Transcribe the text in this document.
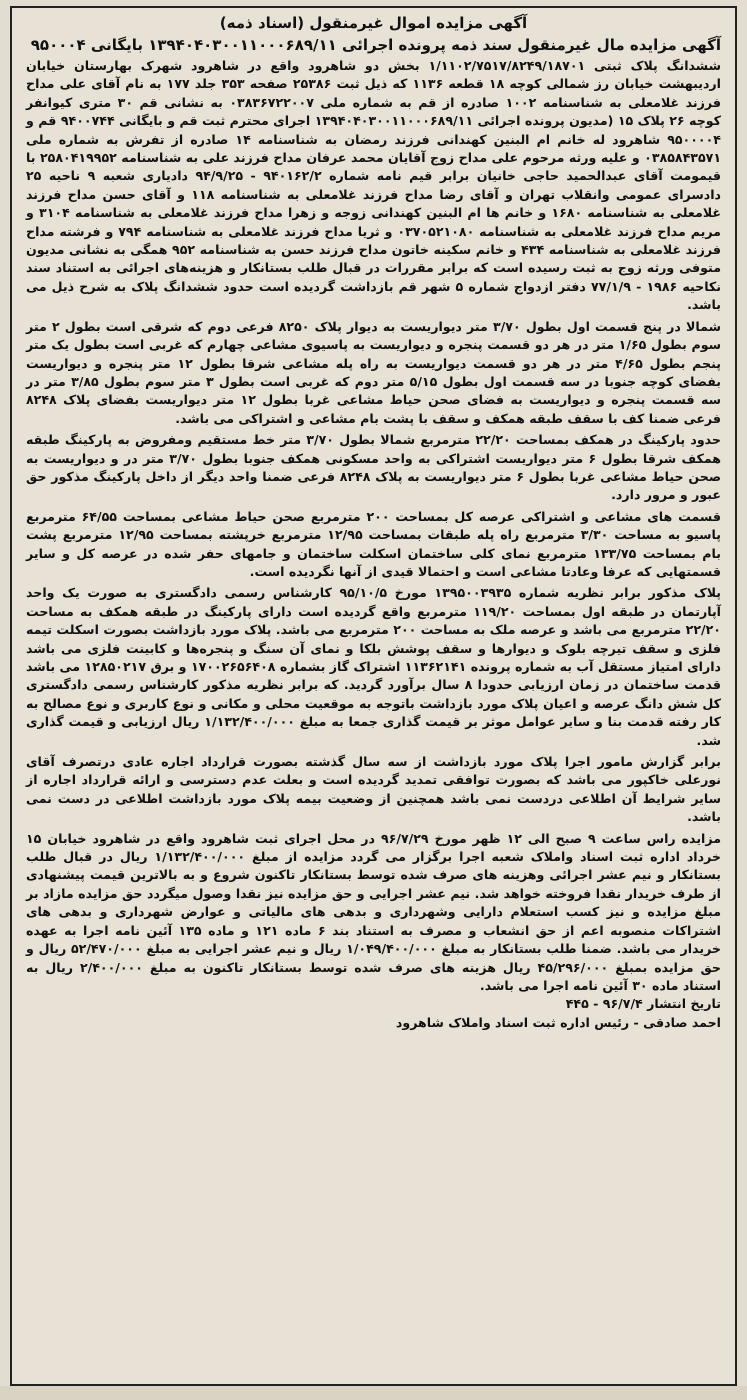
آگهی مزایده اموال غیرمنقول (اسناد ذمه)
آگهی مزایده مال غیرمنقول سند ذمه پرونده اجرائی ۱۳۹۴۰۴۰۳۰۰۱۱۰۰۰۶۸۹/۱۱ بایگانی ۹۵۰۰۰۴

ششدانگ پلاک ثبتی ۱/۱۱۰۲/۷۵۱۷/۸۲۴۹/۱۸۷۰۱ بخش دو شاهرود واقع در شاهرود شهرک بهارستان خیابان اردیبهشت خیابان رز شمالی کوچه ۱۸ قطعه ۱۱۳۶ که ذیل ثبت ۲۵۳۸۶ صفحه ۳۵۳ جلد ۱۷۷ به نام آقای علی مداح فرزند غلامعلی به شناسنامه ۱۰۰۲ صادره از قم به شماره ملی ۰۳۸۳۶۷۲۲۰۰۷ به نشانی قم ۳۰ متری کیوانفر کوچه ۲۶ پلاک ۱۵ (مدیون پرونده اجرائی ۱۳۹۴۰۴۰۳۰۰۱۱۰۰۰۶۸۹/۱۱ اجرای محترم ثبت قم و بایگانی ۹۴۰۰۷۴۴ قم و ۹۵۰۰۰۰۴ شاهرود له خانم ام البنین کهندانی فرزند رمضان به شناسنامه ۱۴ صادره از تفرش به شماره ملی ۰۳۸۵۸۴۳۵۷۱ و علیه ورثه مرحوم علی مداح زوج آقایان محمد عرفان مداح فرزند علی به شناسنامه ۲۵۸۰۴۱۹۹۵۲ با قیمومت آقای عبدالحمید حاجی خانیان برابر قیم نامه شماره ۹۴۰۱۶۲/۲ - ۹۴/۹/۲۵ دادیاری شعبه ۹ ناحیه ۲۵ دادسرای عمومی وانقلاب تهران و آقای رضا مداح فرزند غلامعلی به شناسنامه ۱۱۸ و آقای حسن مداح فرزند غلامعلی به شناسنامه ۱۶۸۰ و خانم ها ام البنین کهندانی زوجه و زهرا مداح فرزند غلامعلی به شناسنامه ۳۱۰۴ و مریم مداح فرزند غلامعلی به شناسنامه ۰۳۷۰۵۲۱۰۸۰ و ثریا مداح فرزند غلامعلی به شناسنامه ۷۹۴ و فرشته مداح فرزند غلامعلی به شناسنامه ۴۳۴ و خانم سکینه خاتون مداح فرزند حسن به شناسنامه ۹۵۲ همگی به نشانی مدیون متوفی ورثه زوج به ثبت رسیده است که برابر مقررات در قبال طلب بستانکار و هزینه‌های اجرائی به استناد سند نکاحیه ۱۹۸۶ - ۷۷/۱/۹ دفتر ازدواج شماره ۵ شهر قم بازداشت گردیده است حدود ششدانگ پلاک به شرح ذیل می باشد.

شمالا در پنج قسمت اول بطول ۳/۷۰ متر دیواریست به دیوار پلاک ۸۲۵۰ فرعی دوم که شرقی است بطول ۲ متر سوم بطول ۱/۶۵ متر در هر دو قسمت پنجره و دیواریست به پاسیوی مشاعی چهارم که غربی است بطول یک متر پنجم بطول ۴/۶۵ متر در هر دو قسمت دیواریست به راه پله مشاعی شرقا بطول ۱۲ متر پنجره و دیواریست بفضای کوچه جنوبا در سه قسمت اول بطول ۵/۱۵ متر دوم که غربی است بطول ۳ متر سوم بطول ۳/۸۵ متر در سه قسمت پنجره و دیواریست به فضای صحن حیاط مشاعی غربا بطول ۱۲ متر دیواریست بفضای پلاک ۸۲۴۸ فرعی ضمنا کف با سقف طبقه همکف و سقف با پشت بام مشاعی و اشتراکی می باشد.

حدود پارکینگ در همکف بمساحت ۲۲/۲۰ مترمربع شمالا بطول ۳/۷۰ متر خط مستقیم ومفروض به پارکینگ طبقه همکف شرقا بطول ۶ متر دیواریست اشتراکی به واحد مسکونی همکف جنوبا بطول ۳/۷۰ متر در و دیواریست به صحن حیاط مشاعی غربا بطول ۶ متر دیواریست به پلاک ۸۲۴۸ فرعی ضمنا واحد دیگر از داخل پارکینگ مذکور حق عبور و مرور دارد.

قسمت های مشاعی و اشتراکی عرصه کل بمساحت ۲۰۰ مترمربع صحن حیاط مشاعی بمساحت ۶۴/۵۵ مترمربع پاسیو به مساحت ۳/۳۰ مترمربع راه پله طبقات بمساحت ۱۲/۹۵ مترمربع خرپشته بمساحت ۱۲/۹۵ مترمربع پشت بام بمساحت ۱۳۳/۷۵ مترمربع نمای کلی ساختمان اسکلت ساختمان و جامهای حفر شده در عرصه کل و سایر قسمتهایی که عرفا وعادتا مشاعی است و احتمالا قیدی از آنها نگردیده است.

پلاک مذکور برابر نظریه شماره ۱۳۹۵۰۰۳۹۳۵ مورخ ۹۵/۱۰/۵ کارشناس رسمی دادگستری به صورت یک واحد آپارتمان در طبقه اول بمساحت ۱۱۹/۲۰ مترمربع واقع گردیده است دارای پارکینگ در طبقه همکف به مساحت ۲۲/۲۰ مترمربع می باشد و عرصه ملک به مساحت ۲۰۰ مترمربع می باشد. پلاک مورد بازداشت بصورت اسکلت تیمه فلزی و سقف تیرچه بلوک و دیوارها و سقف پوشش بلکا و نمای آن سنگ و پنجره‌ها و کابینت فلزی می باشد دارای امتیاز مستقل آب به شماره پرونده ۱۱۳۶۲۱۴۱ اشتراک گاز بشماره ۱۷۰۰۲۶۵۶۴۰۸ و برق ۱۲۸۵۰۲۱۷ می باشد قدمت ساختمان در زمان ارزیابی حدودا ۸ سال برآورد گردید. که برابر نظریه مذکور کارشناس رسمی دادگستری کل شش دانگ عرصه و اعیان پلاک مورد بازداشت باتوجه به موقعیت محلی و مکانی و نوع کاربری و نوع مصالح به کار رفته قدمت بنا و سایر عوامل موثر بر قیمت گذاری جمعا به مبلغ ۱/۱۳۲/۴۰۰/۰۰۰ ریال ارزیابی و قیمت گذاری شد.

برابر گزارش مامور اجرا پلاک مورد بازداشت از سه سال گذشته بصورت قرارداد اجاره عادی درتصرف آقای نورعلی خاکپور می باشد که بصورت توافقی تمدید گردیده است و بعلت عدم دسترسی و ارائه قرارداد اجاره از سایر شرایط آن اطلاعی دردست نمی باشد همچنین از وضعیت بیمه پلاک مورد بازداشت اطلاعی در دست نمی باشد.

مزایده راس ساعت ۹ صبح الی ۱۲ ظهر مورخ ۹۶/۷/۲۹ در محل اجرای ثبت شاهرود واقع در شاهرود خیابان ۱۵ خرداد اداره ثبت اسناد واملاک شعبه اجرا برگزار می گردد مزایده از مبلغ ۱/۱۳۲/۴۰۰/۰۰۰ ریال در قبال طلب بستانکار و نیم عشر اجرائی وهزینه های صرف شده توسط بستانکار تاکنون شروع و به بالاترین قیمت پیشنهادی از طرف خریدار نقدا فروخته خواهد شد. نیم عشر اجرایی و حق مزایده نیز نقدا وصول میگردد حق مزایده مازاد بر مبلغ مزایده و نیز کسب استعلام دارایی وشهرداری و بدهی های مالیاتی و عوارض شهرداری و بدهی های اشتراکات منصوبه اعم از حق انشعاب و مصرف به استناد بند ۶ ماده ۱۲۱ و ماده ۱۳۵ آئین نامه اجرا به عهده خریدار می باشد. ضمنا طلب بستانکار به مبلغ ۱/۰۴۹/۴۰۰/۰۰۰ ریال و نیم عشر اجرایی به مبلغ ۵۲/۴۷۰/۰۰۰ ریال و حق مزایده بمبلغ ۴۵/۲۹۶/۰۰۰ ریال هزینه های صرف شده توسط بستانکار تاکنون به مبلغ ۲/۴۰۰/۰۰۰ ریال به استناد ماده ۳۰ آئین نامه اجرا می باشد.

تاریخ انتشار ۹۶/۷/۴ - ۴۴۵

احمد صادقی - رئیس اداره ثبت اسناد واملاک شاهرود
